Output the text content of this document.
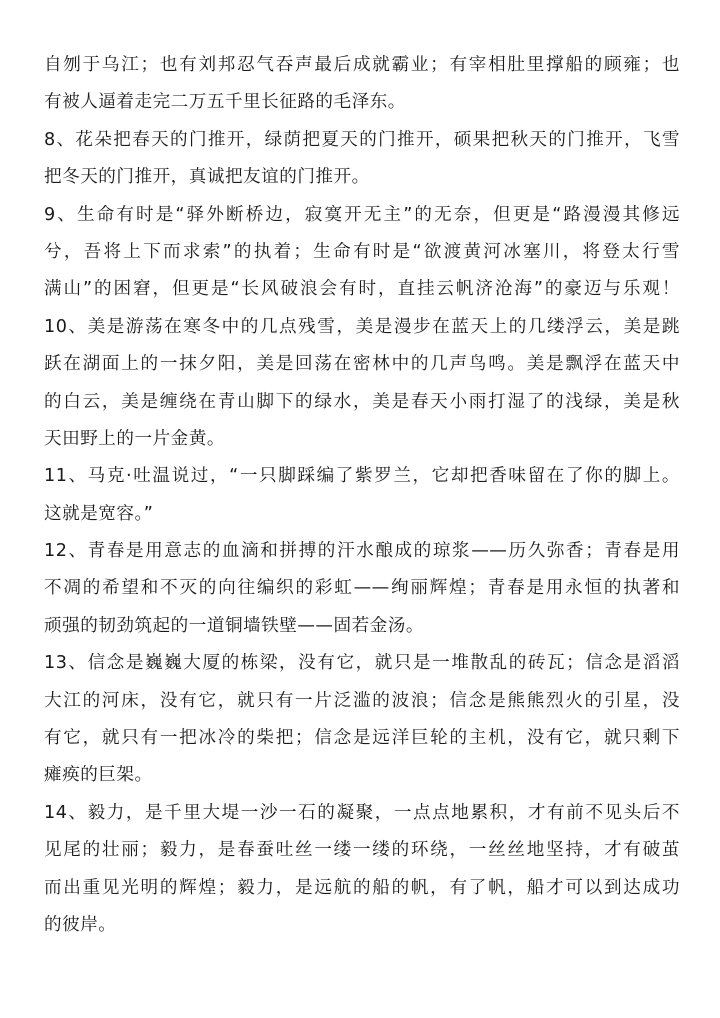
自刎于乌江；也有刘邦忍气吞声最后成就霸业；有宰相肚里撑船的顾雍；也
有被人逼着走完二万五千里长征路的毛泽东。
8、花朵把春天的门推开，绿荫把夏天的门推开，硕果把秋天的门推开，飞雪
把冬天的门推开，真诚把友谊的门推开。
9、生命有时是“驿外断桥边，寂寞开无主”的无奈，但更是“路漫漫其修远
兮，吾将上下而求索”的执着；生命有时是“欲渡黄河冰塞川，将登太行雪
满山”的困窘，但更是“长风破浪会有时，直挂云帆济沧海”的豪迈与乐观！
10、美是游荡在寒冬中的几点残雪，美是漫步在蓝天上的几缕浮云，美是跳
跃在湖面上的一抹夕阳，美是回荡在密林中的几声鸟鸣。美是飘浮在蓝天中
的白云，美是缠绕在青山脚下的绿水，美是春天小雨打湿了的浅绿，美是秋
天田野上的一片金黄。
11、马克·吐温说过，“一只脚踩编了紫罗兰，它却把香味留在了你的脚上。
这就是宽容。”
12、青春是用意志的血滴和拼搏的汗水酿成的琼浆——历久弥香；青春是用
不凋的希望和不灭的向往编织的彩虹——绚丽辉煌；青春是用永恒的执著和
顽强的韧劲筑起的一道铜墙铁壁——固若金汤。
13、信念是巍巍大厦的栋梁，没有它，就只是一堆散乱的砖瓦；信念是滔滔
大江的河床，没有它，就只有一片泛滥的波浪；信念是熊熊烈火的引星，没
有它，就只有一把冰冷的柴把；信念是远洋巨轮的主机，没有它，就只剩下
瘫痪的巨架。
14、毅力，是千里大堤一沙一石的凝聚，一点点地累积，才有前不见头后不
见尾的壮丽；毅力，是春蚕吐丝一缕一缕的环绕，一丝丝地坚持，才有破茧
而出重见光明的辉煌；毅力，是远航的船的帆，有了帆，船才可以到达成功
的彼岸。
